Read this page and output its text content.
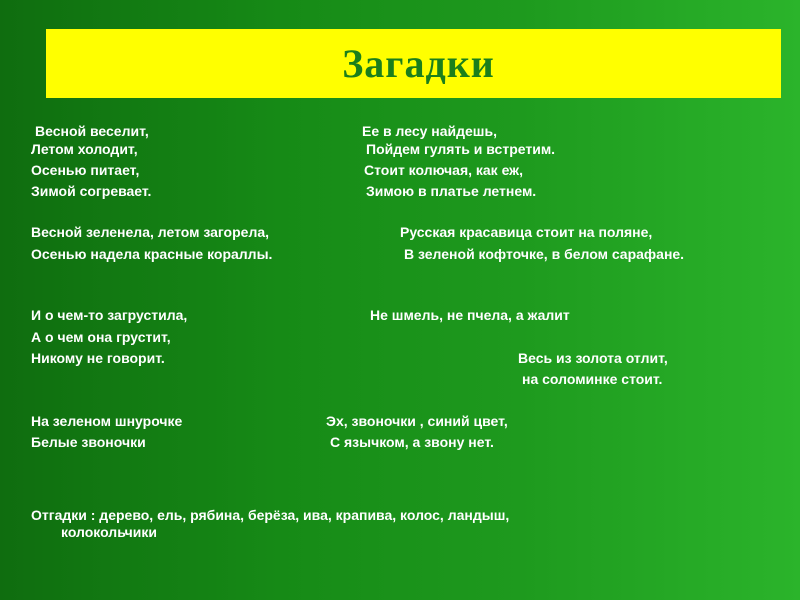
Загадки
Весной веселит,
Летом холодит,
Осенью питает,
Зимой согревает.
Ее в лесу найдешь,
Пойдем гулять и встретим.
Стоит колючая, как еж,
Зимою в платье летнем.
Весной зеленела, летом загорела,
Осенью надела красные кораллы.
Русская красавица стоит на поляне,
В зеленой кофточке, в белом сарафане.
И о чем-то загрустила,
А о чем она грустит,
Никому не говорит.
Не шмель, не пчела, а жалит
Весь из золота отлит,
на соломинке стоит.
На зеленом шнурочке
Белые звоночки
Эх, звоночки , синий цвет,
С язычком, а звону нет.
Отгадки : дерево, ель, рябина, берёза, ива, крапива, колос, ландыш,
колокольчики
